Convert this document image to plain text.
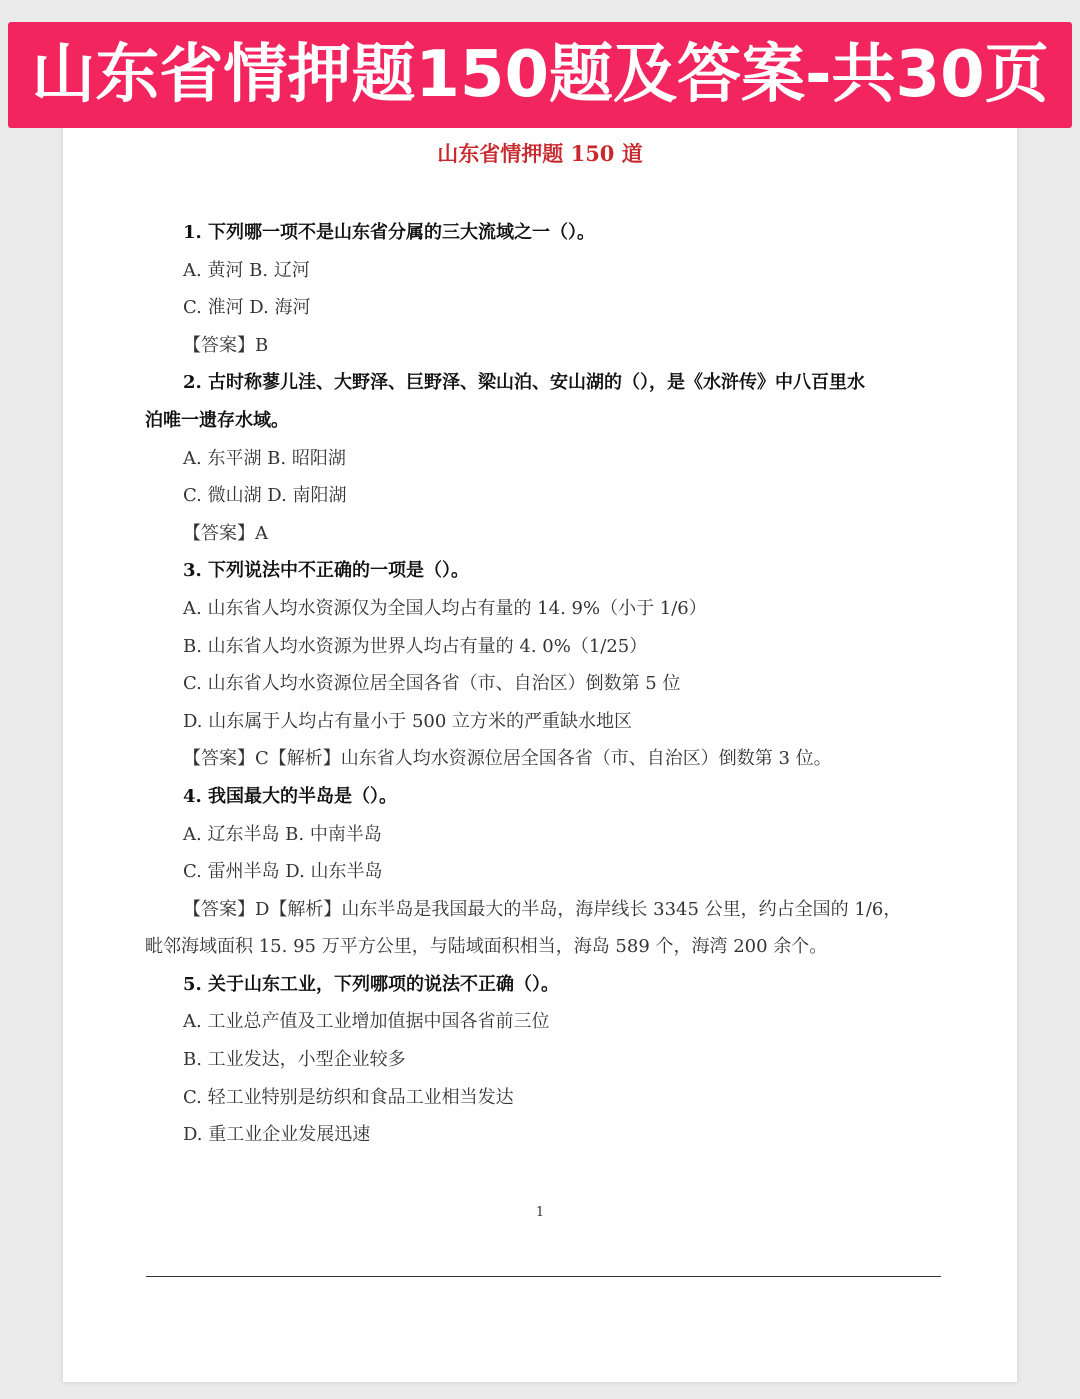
山东省情押题150题及答案-共30页
山东省情押题 150 道
1. 下列哪一项不是山东省分属的三大流域之一（）。
A. 黄河 B. 辽河
C. 淮河 D. 海河
【答案】B
2. 古时称蓼儿洼、大野泽、巨野泽、梁山泊、安山湖的（），是《水浒传》中八百里水
泊唯一遗存水域。
A. 东平湖 B. 昭阳湖
C. 微山湖 D. 南阳湖
【答案】A
3. 下列说法中不正确的一项是（）。
A. 山东省人均水资源仅为全国人均占有量的 14. 9%（小于 1/6）
B. 山东省人均水资源为世界人均占有量的 4. 0%（1/25）
C. 山东省人均水资源位居全国各省（市、自治区）倒数第 5 位
D. 山东属于人均占有量小于 500 立方米的严重缺水地区
【答案】C【解析】山东省人均水资源位居全国各省（市、自治区）倒数第 3 位。
4. 我国最大的半岛是（）。
A. 辽东半岛 B. 中南半岛
C. 雷州半岛 D. 山东半岛
【答案】D【解析】山东半岛是我国最大的半岛，海岸线长 3345 公里，约占全国的 1/6，
毗邻海域面积 15. 95 万平方公里，与陆域面积相当，海岛 589 个，海湾 200 余个。
5. 关于山东工业，下列哪项的说法不正确（）。
A. 工业总产值及工业增加值据中国各省前三位
B. 工业发达，小型企业较多
C. 轻工业特别是纺织和食品工业相当发达
D. 重工业企业发展迅速
1
